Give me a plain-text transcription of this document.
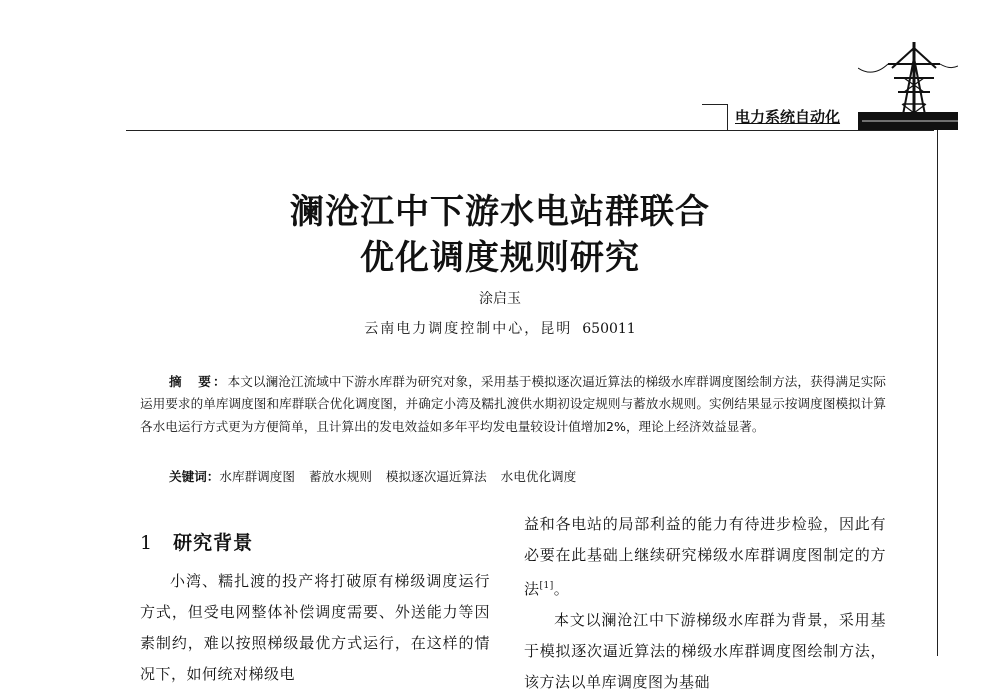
电力系统自动化
澜沧江中下游水电站群联合
优化调度规则研究
涂启玉
云南电力调度控制中心，昆明 650011
摘　要：本文以澜沧江流域中下游水库群为研究对象，采用基于模拟逐次逼近算法的梯级水库群调度图绘制方法，获得满足实际运用要求的单库调度图和库群联合优化调度图，并确定小湾及糯扎渡供水期初设定规则与蓄放水规则。实例结果显示按调度图模拟计算各水电运行方式更为方便简单，且计算出的发电效益如多年平均发电量较设计值增加2%，理论上经济效益显著。
关键词：水库群调度图 蓄放水规则 模拟逐次逼近算法 水电优化调度
1 研究背景
小湾、糯扎渡的投产将打破原有梯级调度运行方式，但受电网整体补偿调度需要、外送能力等因素制约，难以按照梯级最优方式运行，在这样的情况下，如何统对梯级电

益和各电站的局部利益的能力有待进步检验，因此有必要在此基础上继续研究梯级水库群调度图制定的方法[1]。

本文以澜沧江中下游梯级水库群为背景，采用基于模拟逐次逼近算法的梯级水库群调度图绘制方法，该方法以单库调度图为基础
